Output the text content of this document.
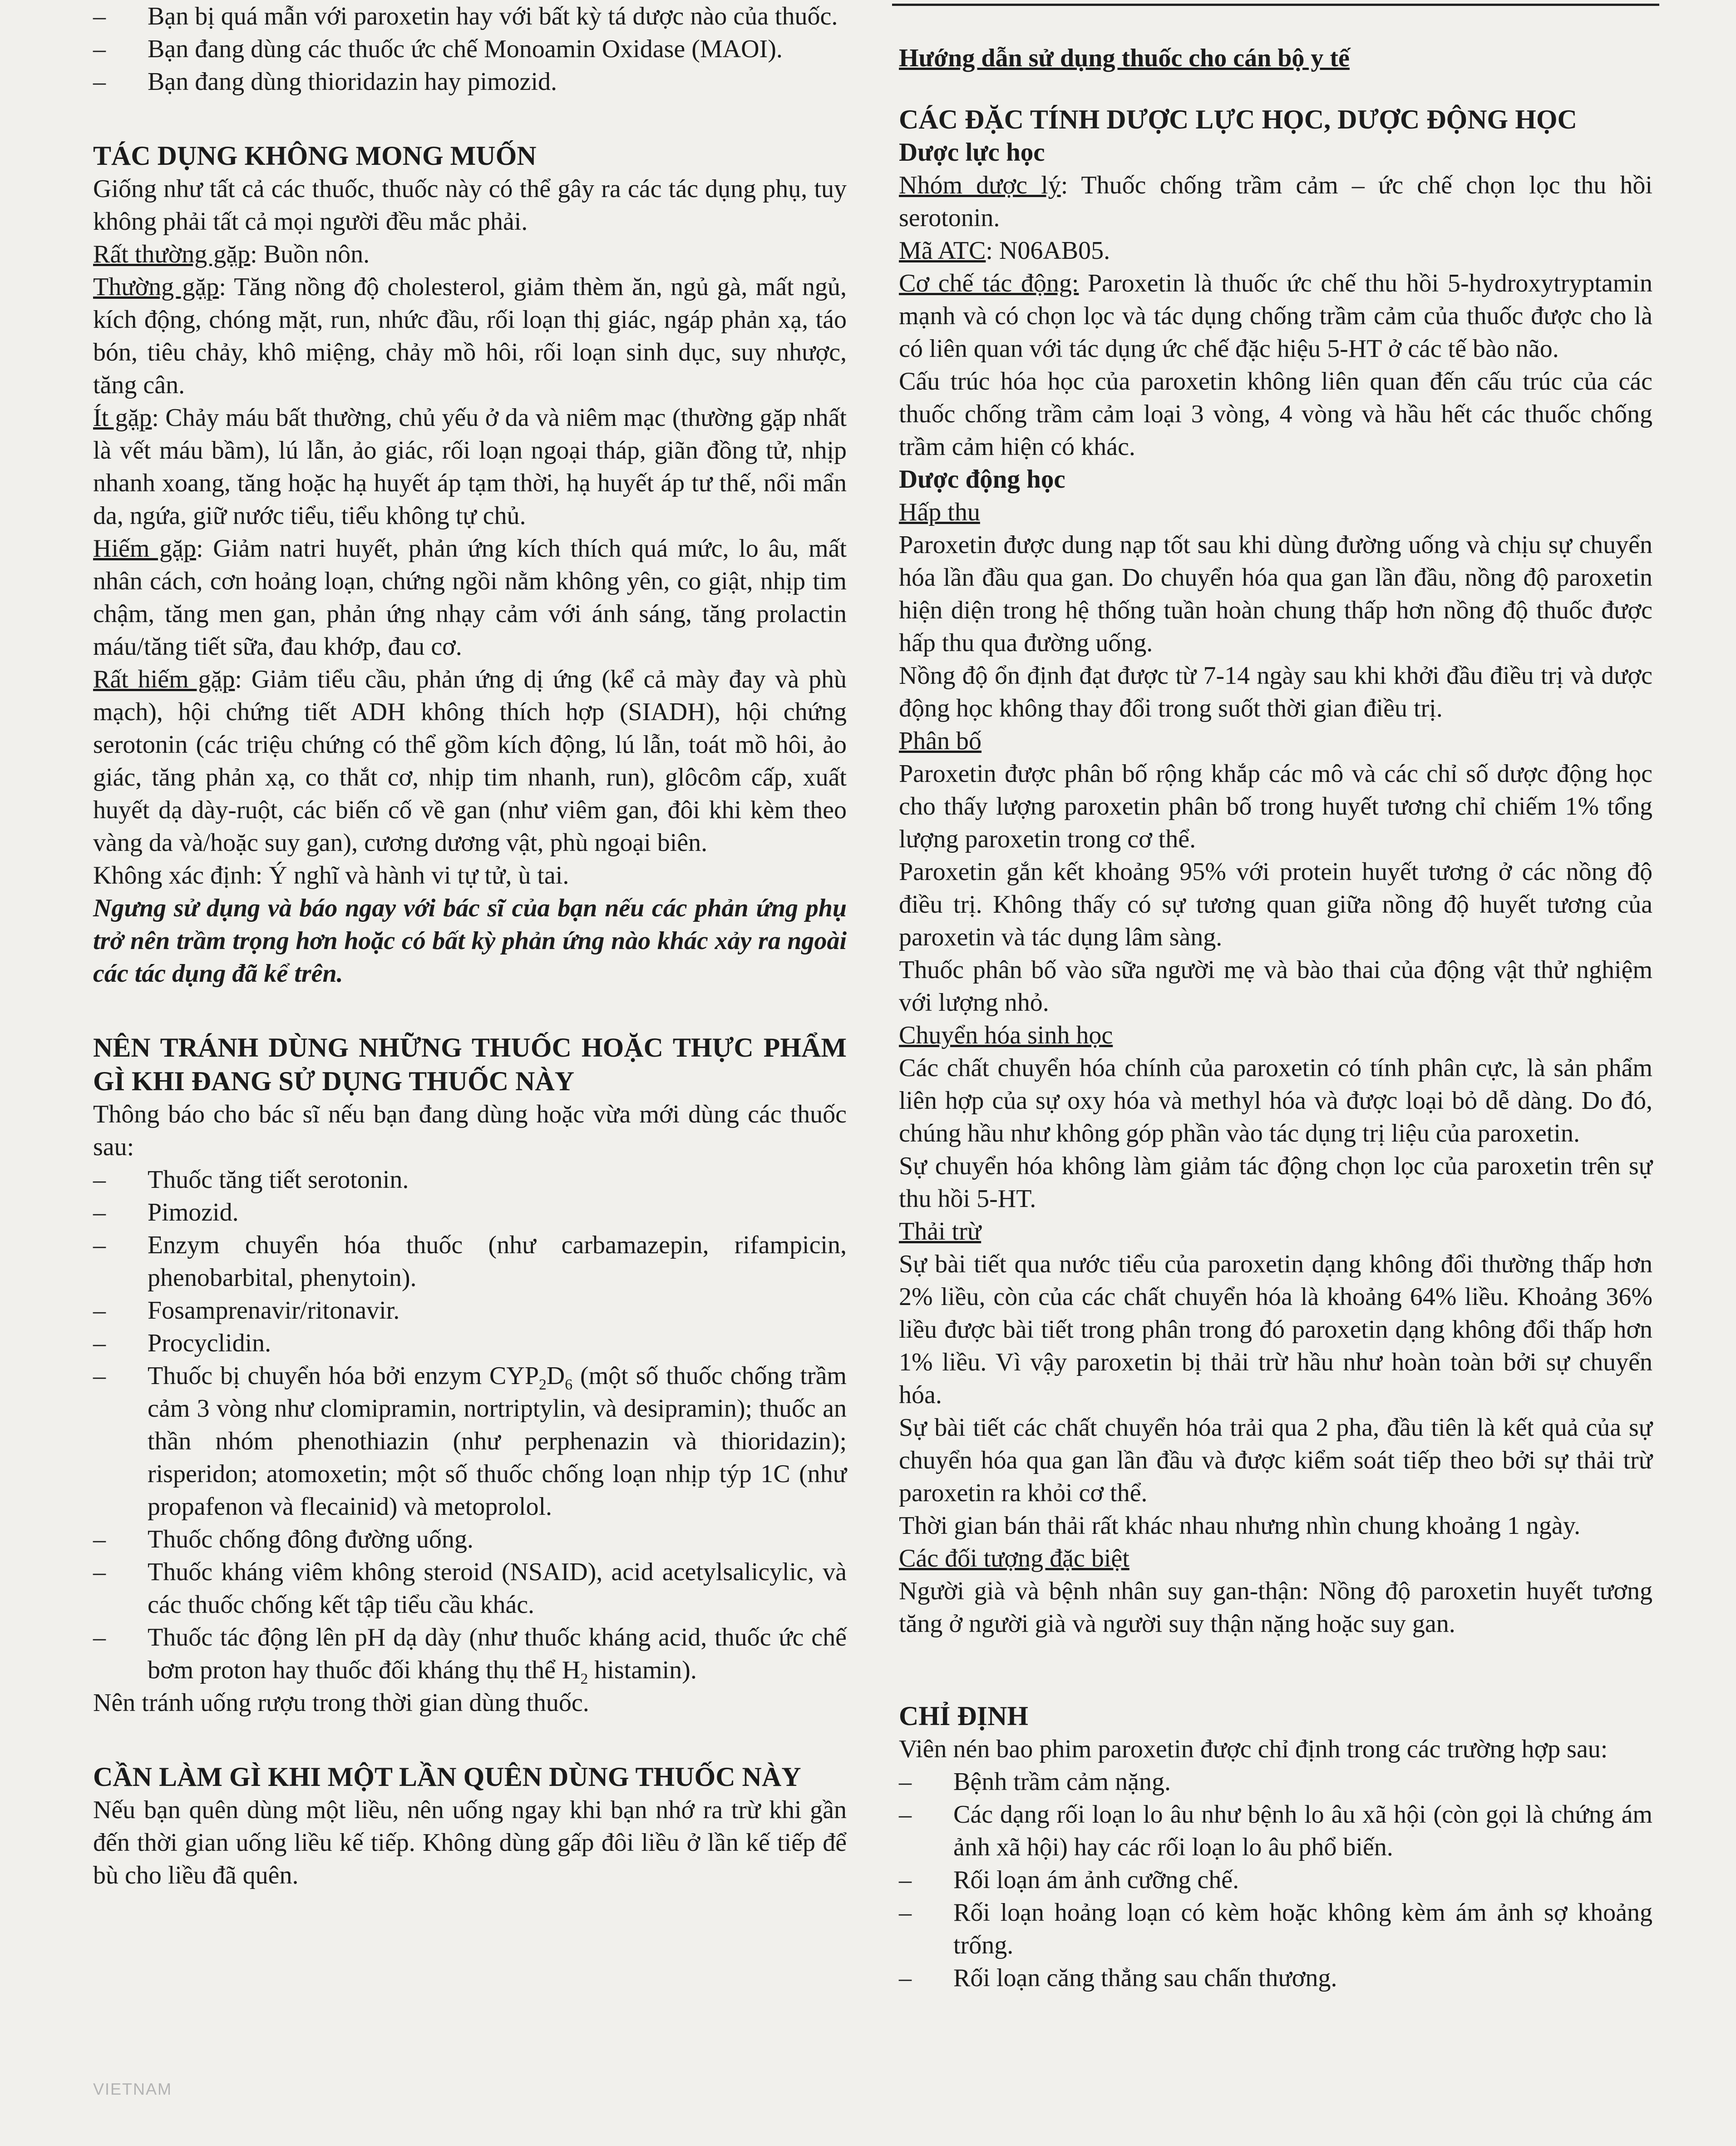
– Bạn bị quá mẫn với paroxetin hay với bất kỳ tá dược nào của thuốc.

– Bạn đang dùng các thuốc ức chế Monoamin Oxidase (MAOI).

– Bạn đang dùng thioridazin hay pimozid.

TÁC DỤNG KHÔNG MONG MUỐN

Giống như tất cả các thuốc, thuốc này có thể gây ra các tác dụng phụ, tuy không phải tất cả mọi người đều mắc phải.

Rất thường gặp: Buồn nôn.

Thường gặp: Tăng nồng độ cholesterol, giảm thèm ăn, ngủ gà, mất ngủ, kích động, chóng mặt, run, nhức đầu, rối loạn thị giác, ngáp phản xạ, táo bón, tiêu chảy, khô miệng, chảy mồ hôi, rối loạn sinh dục, suy nhược, tăng cân.

Ít gặp: Chảy máu bất thường, chủ yếu ở da và niêm mạc (thường gặp nhất là vết máu bầm), lú lẫn, ảo giác, rối loạn ngoại tháp, giãn đồng tử, nhịp nhanh xoang, tăng hoặc hạ huyết áp tạm thời, hạ huyết áp tư thế, nổi mẩn da, ngứa, giữ nước tiểu, tiểu không tự chủ.

Hiếm gặp: Giảm natri huyết, phản ứng kích thích quá mức, lo âu, mất nhân cách, cơn hoảng loạn, chứng ngồi nằm không yên, co giật, nhịp tim chậm, tăng men gan, phản ứng nhạy cảm với ánh sáng, tăng prolactin máu/tăng tiết sữa, đau khớp, đau cơ.

Rất hiếm gặp: Giảm tiểu cầu, phản ứng dị ứng (kể cả mày đay và phù mạch), hội chứng tiết ADH không thích hợp (SIADH), hội chứng serotonin (các triệu chứng có thể gồm kích động, lú lẫn, toát mồ hôi, ảo giác, tăng phản xạ, co thắt cơ, nhịp tim nhanh, run), glôcôm cấp, xuất huyết dạ dày-ruột, các biến cố về gan (như viêm gan, đôi khi kèm theo vàng da và/hoặc suy gan), cương dương vật, phù ngoại biên.

Không xác định: Ý nghĩ và hành vi tự tử, ù tai.

Ngưng sử dụng và báo ngay với bác sĩ của bạn nếu các phản ứng phụ trở nên trầm trọng hơn hoặc có bất kỳ phản ứng nào khác xảy ra ngoài các tác dụng đã kể trên.

NÊN TRÁNH DÙNG NHỮNG THUỐC HOẶC THỰC PHẨM GÌ KHI ĐANG SỬ DỤNG THUỐC NÀY

Thông báo cho bác sĩ nếu bạn đang dùng hoặc vừa mới dùng các thuốc sau:

– Thuốc tăng tiết serotonin.

– Pimozid.

– Enzym chuyển hóa thuốc (như carbamazepin, rifampicin, phenobarbital, phenytoin).

– Fosamprenavir/ritonavir.

– Procyclidin.

– Thuốc bị chuyển hóa bởi enzym $CYP_2D_6$ (một số thuốc chống trầm cảm 3 vòng như clomipramin, nortriptylin, và desipramin); thuốc an thần nhóm phenothiazin (như perphenazin và thioridazin); risperidon; atomoxetin; một số thuốc chống loạn nhịp týp 1C (như propafenon và flecainid) và metoprolol.

– Thuốc chống đông đường uống.

– Thuốc kháng viêm không steroid (NSAID), acid acetylsalicylic, và các thuốc chống kết tập tiểu cầu khác.

– Thuốc tác động lên pH dạ dày (như thuốc kháng acid, thuốc ức chế bơm proton hay thuốc đối kháng thụ thể $H_2$ histamin).

Nên tránh uống rượu trong thời gian dùng thuốc.

CẦN LÀM GÌ KHI MỘT LẦN QUÊN DÙNG THUỐC NÀY

Nếu bạn quên dùng một liều, nên uống ngay khi bạn nhớ ra trừ khi gần đến thời gian uống liều kế tiếp. Không dùng gấp đôi liều ở lần kế tiếp để bù cho liều đã quên.

Hướng dẫn sử dụng thuốc cho cán bộ y tế

CÁC ĐẶC TÍNH DƯỢC LỰC HỌC, DƯỢC ĐỘNG HỌC

Dược lực học

Nhóm dược lý: Thuốc chống trầm cảm – ức chế chọn lọc thu hồi serotonin.

Mã ATC: N06AB05.

Cơ chế tác động: Paroxetin là thuốc ức chế thu hồi 5-hydroxytryptamin mạnh và có chọn lọc và tác dụng chống trầm cảm của thuốc được cho là có liên quan với tác dụng ức chế đặc hiệu 5-HT ở các tế bào não.

Cấu trúc hóa học của paroxetin không liên quan đến cấu trúc của các thuốc chống trầm cảm loại 3 vòng, 4 vòng và hầu hết các thuốc chống trầm cảm hiện có khác.

Dược động học

Hấp thu

Paroxetin được dung nạp tốt sau khi dùng đường uống và chịu sự chuyển hóa lần đầu qua gan. Do chuyển hóa qua gan lần đầu, nồng độ paroxetin hiện diện trong hệ thống tuần hoàn chung thấp hơn nồng độ thuốc được hấp thu qua đường uống.

Nồng độ ổn định đạt được từ 7-14 ngày sau khi khởi đầu điều trị và dược động học không thay đổi trong suốt thời gian điều trị.

Phân bố

Paroxetin được phân bố rộng khắp các mô và các chỉ số dược động học cho thấy lượng paroxetin phân bố trong huyết tương chỉ chiếm 1% tổng lượng paroxetin trong cơ thể.

Paroxetin gắn kết khoảng 95% với protein huyết tương ở các nồng độ điều trị. Không thấy có sự tương quan giữa nồng độ huyết tương của paroxetin và tác dụng lâm sàng.

Thuốc phân bố vào sữa người mẹ và bào thai của động vật thử nghiệm với lượng nhỏ.

Chuyển hóa sinh học

Các chất chuyển hóa chính của paroxetin có tính phân cực, là sản phẩm liên hợp của sự oxy hóa và methyl hóa và được loại bỏ dễ dàng. Do đó, chúng hầu như không góp phần vào tác dụng trị liệu của paroxetin.

Sự chuyển hóa không làm giảm tác động chọn lọc của paroxetin trên sự thu hồi 5-HT.

Thải trừ

Sự bài tiết qua nước tiểu của paroxetin dạng không đổi thường thấp hơn 2% liều, còn của các chất chuyển hóa là khoảng 64% liều. Khoảng 36% liều được bài tiết trong phân trong đó paroxetin dạng không đổi thấp hơn 1% liều. Vì vậy paroxetin bị thải trừ hầu như hoàn toàn bởi sự chuyển hóa.

Sự bài tiết các chất chuyển hóa trải qua 2 pha, đầu tiên là kết quả của sự chuyển hóa qua gan lần đầu và được kiểm soát tiếp theo bởi sự thải trừ paroxetin ra khỏi cơ thể.

Thời gian bán thải rất khác nhau nhưng nhìn chung khoảng 1 ngày.

Các đối tượng đặc biệt

Người già và bệnh nhân suy gan-thận: Nồng độ paroxetin huyết tương tăng ở người già và người suy thận nặng hoặc suy gan.

CHỈ ĐỊNH

Viên nén bao phim paroxetin được chỉ định trong các trường hợp sau:

– Bệnh trầm cảm nặng.

– Các dạng rối loạn lo âu như bệnh lo âu xã hội (còn gọi là chứng ám ảnh xã hội) hay các rối loạn lo âu phổ biến.

– Rối loạn ám ảnh cưỡng chế.

– Rối loạn hoảng loạn có kèm hoặc không kèm ám ảnh sợ khoảng trống.

– Rối loạn căng thẳng sau chấn thương.

VIETNAM
